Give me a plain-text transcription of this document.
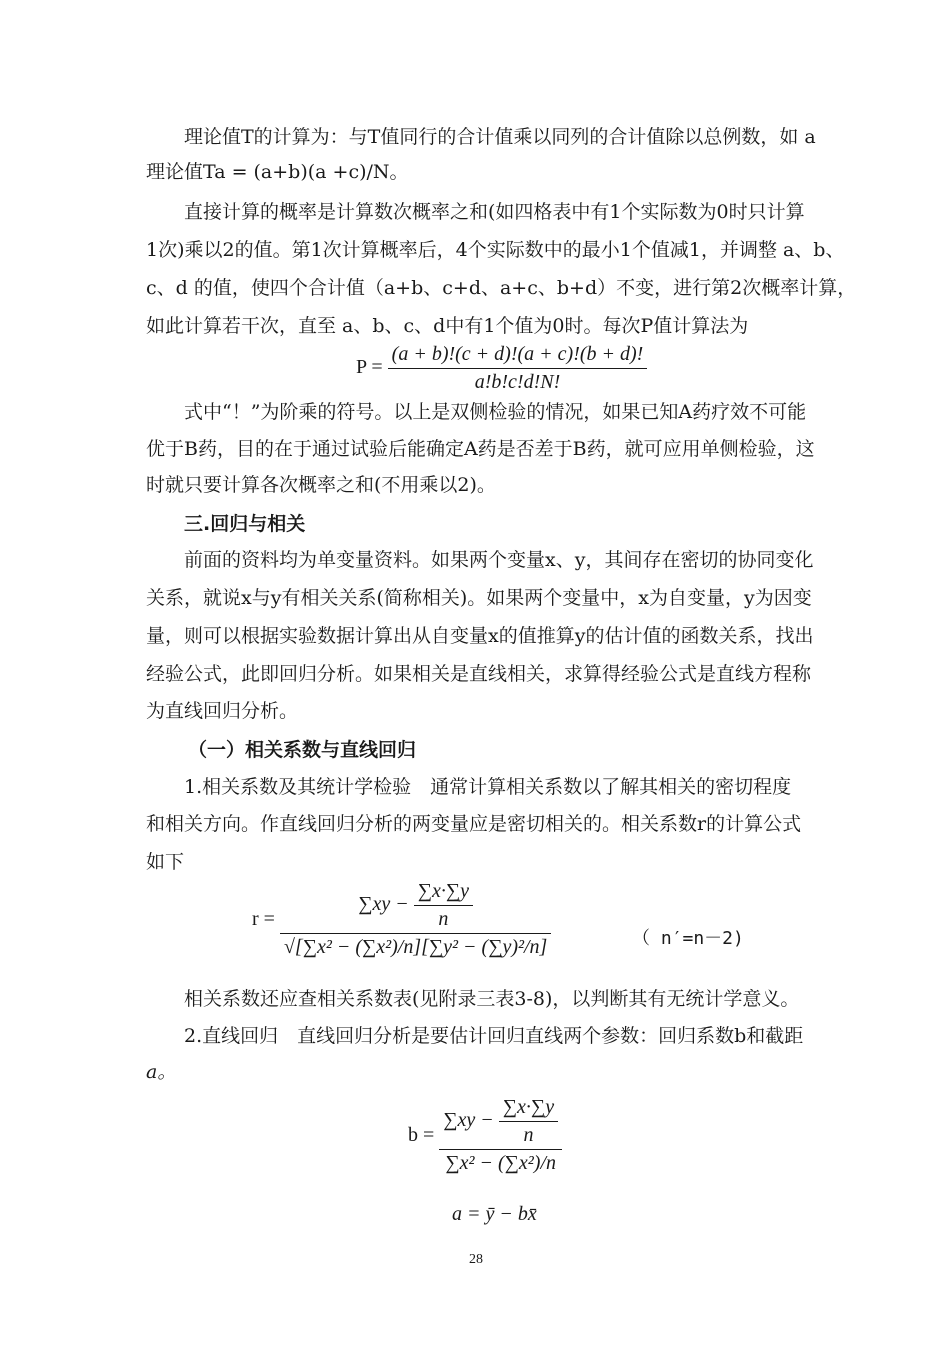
理论值T的计算为：与T值同行的合计值乘以同列的合计值除以总例数，如 a
理论值Ta = (a+b)(a +c)/N。
直接计算的概率是计算数次概率之和(如四格表中有1个实际数为0时只计算
1次)乘以2的值。第1次计算概率后，4个实际数中的最小1个值减1，并调整 a、b、
c、d 的值，使四个合计值（a+b、c+d、a+c、b+d）不变，进行第2次概率计算，
如此计算若干次，直至 a、b、c、d中有1个值为0时。每次P值计算法为
$P = \frac{(a + b)!(c + d)!(a + c)!(b + d)!}{a!b!c!d!N!}$
式中“！”为阶乘的符号。以上是双侧检验的情况，如果已知A药疗效不可能
优于B药，目的在于通过试验后能确定A药是否差于B药，就可应用单侧检验，这
时就只要计算各次概率之和(不用乘以2)。
三.回归与相关
前面的资料均为单变量资料。如果两个变量x、y，其间存在密切的协同变化
关系，就说x与y有相关关系(简称相关)。如果两个变量中，x为自变量，y为因变
量，则可以根据实验数据计算出从自变量x的值推算y的估计值的函数关系，找出
经验公式，此即回归分析。如果相关是直线相关，求算得经验公式是直线方程称
为直线回归分析。
（一）相关系数与直线回归
1.相关系数及其统计学检验　通常计算相关系数以了解其相关的密切程度
和相关方向。作直线回归分析的两变量应是密切相关的。相关系数r的计算公式
如下
$r = \frac{\sum xy - \frac{\sum x\cdot\sum y}{n}}{\text{√[∑x² − (∑x²)/n][∑y² − (∑y)²/n]}}$	（ n′=n－2)
相关系数还应查相关系数表(见附录三表3-8)，以判断其有无统计学意义。
2.直线回归　直线回归分析是要估计回归直线两个参数：回归系数b和截距
a。
$b = \frac{\sum xy - \frac{\sum x\cdot\sum y}{n}}{\text{∑x² − (∑x²)/n}}$
a = ȳ − bx̄
28
